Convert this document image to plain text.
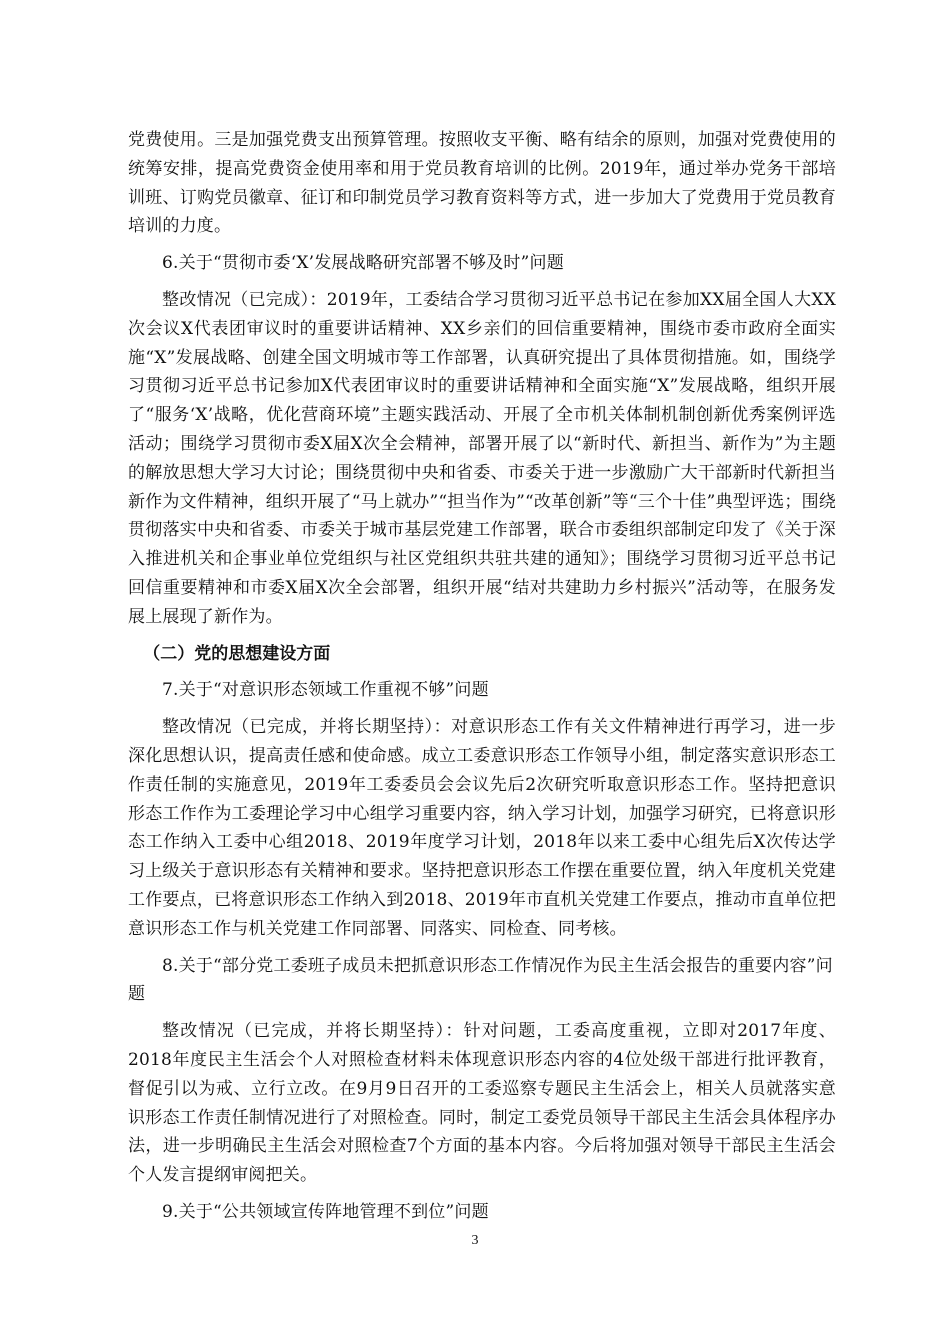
党费使用。三是加强党费支出预算管理。按照收支平衡、略有结余的原则，加强对党费使用的统筹安排，提高党费资金使用率和用于党员教育培训的比例。2019年，通过举办党务干部培训班、订购党员徽章、征订和印制党员学习教育资料等方式，进一步加大了党费用于党员教育培训的力度。

6.关于“贯彻市委‘X’发展战略研究部署不够及时”问题

整改情况（已完成）：2019年，工委结合学习贯彻习近平总书记在参加XX届全国人大XX次会议X代表团审议时的重要讲话精神、XX乡亲们的回信重要精神，围绕市委市政府全面实施“X”发展战略、创建全国文明城市等工作部署，认真研究提出了具体贯彻措施。如，围绕学习贯彻习近平总书记参加X代表团审议时的重要讲话精神和全面实施“X”发展战略，组织开展了“服务‘X’战略，优化营商环境”主题实践活动、开展了全市机关体制机制创新优秀案例评选活动；围绕学习贯彻市委X届X次全会精神，部署开展了以“新时代、新担当、新作为”为主题的解放思想大学习大讨论；围绕贯彻中央和省委、市委关于进一步激励广大干部新时代新担当新作为文件精神，组织开展了“马上就办”“担当作为”“改革创新”等“三个十佳”典型评选；围绕贯彻落实中央和省委、市委关于城市基层党建工作部署，联合市委组织部制定印发了《关于深入推进机关和企事业单位党组织与社区党组织共驻共建的通知》；围绕学习贯彻习近平总书记回信重要精神和市委X届X次全会部署，组织开展“结对共建助力乡村振兴”活动等，在服务发展上展现了新作为。

（二）党的思想建设方面

7.关于“对意识形态领域工作重视不够”问题

整改情况（已完成，并将长期坚持）：对意识形态工作有关文件精神进行再学习，进一步深化思想认识，提高责任感和使命感。成立工委意识形态工作领导小组，制定落实意识形态工作责任制的实施意见，2019年工委委员会会议先后2次研究听取意识形态工作。坚持把意识形态工作作为工委理论学习中心组学习重要内容，纳入学习计划，加强学习研究，已将意识形态工作纳入工委中心组2018、2019年度学习计划，2018年以来工委中心组先后X次传达学习上级关于意识形态有关精神和要求。坚持把意识形态工作摆在重要位置，纳入年度机关党建工作要点，已将意识形态工作纳入到2018、2019年市直机关党建工作要点，推动市直单位把意识形态工作与机关党建工作同部署、同落实、同检查、同考核。

8.关于“部分党工委班子成员未把抓意识形态工作情况作为民主生活会报告的重要内容”问题

整改情况（已完成，并将长期坚持）：针对问题，工委高度重视，立即对2017年度、2018年度民主生活会个人对照检查材料未体现意识形态内容的4位处级干部进行批评教育，督促引以为戒、立行立改。在9月9日召开的工委巡察专题民主生活会上，相关人员就落实意识形态工作责任制情况进行了对照检查。同时，制定工委党员领导干部民主生活会具体程序办法，进一步明确民主生活会对照检查7个方面的基本内容。今后将加强对领导干部民主生活会个人发言提纲审阅把关。

9.关于“公共领域宣传阵地管理不到位”问题

3
